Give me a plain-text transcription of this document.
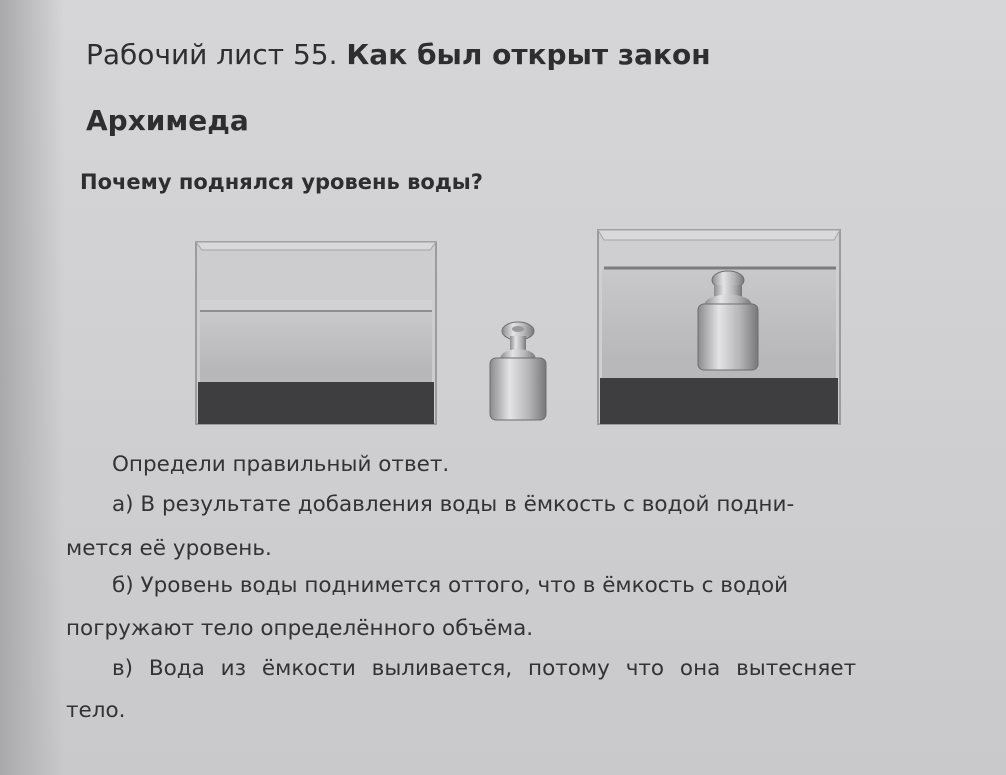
Рабочий лист 55. Как был открыт закон
Архимеда
Почему поднялся уровень воды?
Определи правильный ответ.
а) В результате добавления воды в ёмкость с водой подни-
мется её уровень.
б) Уровень воды поднимется оттого, что в ёмкость с водой
погружают тело определённого объёма.
в) Вода из ёмкости выливается, потому что она вытесняет
тело.
